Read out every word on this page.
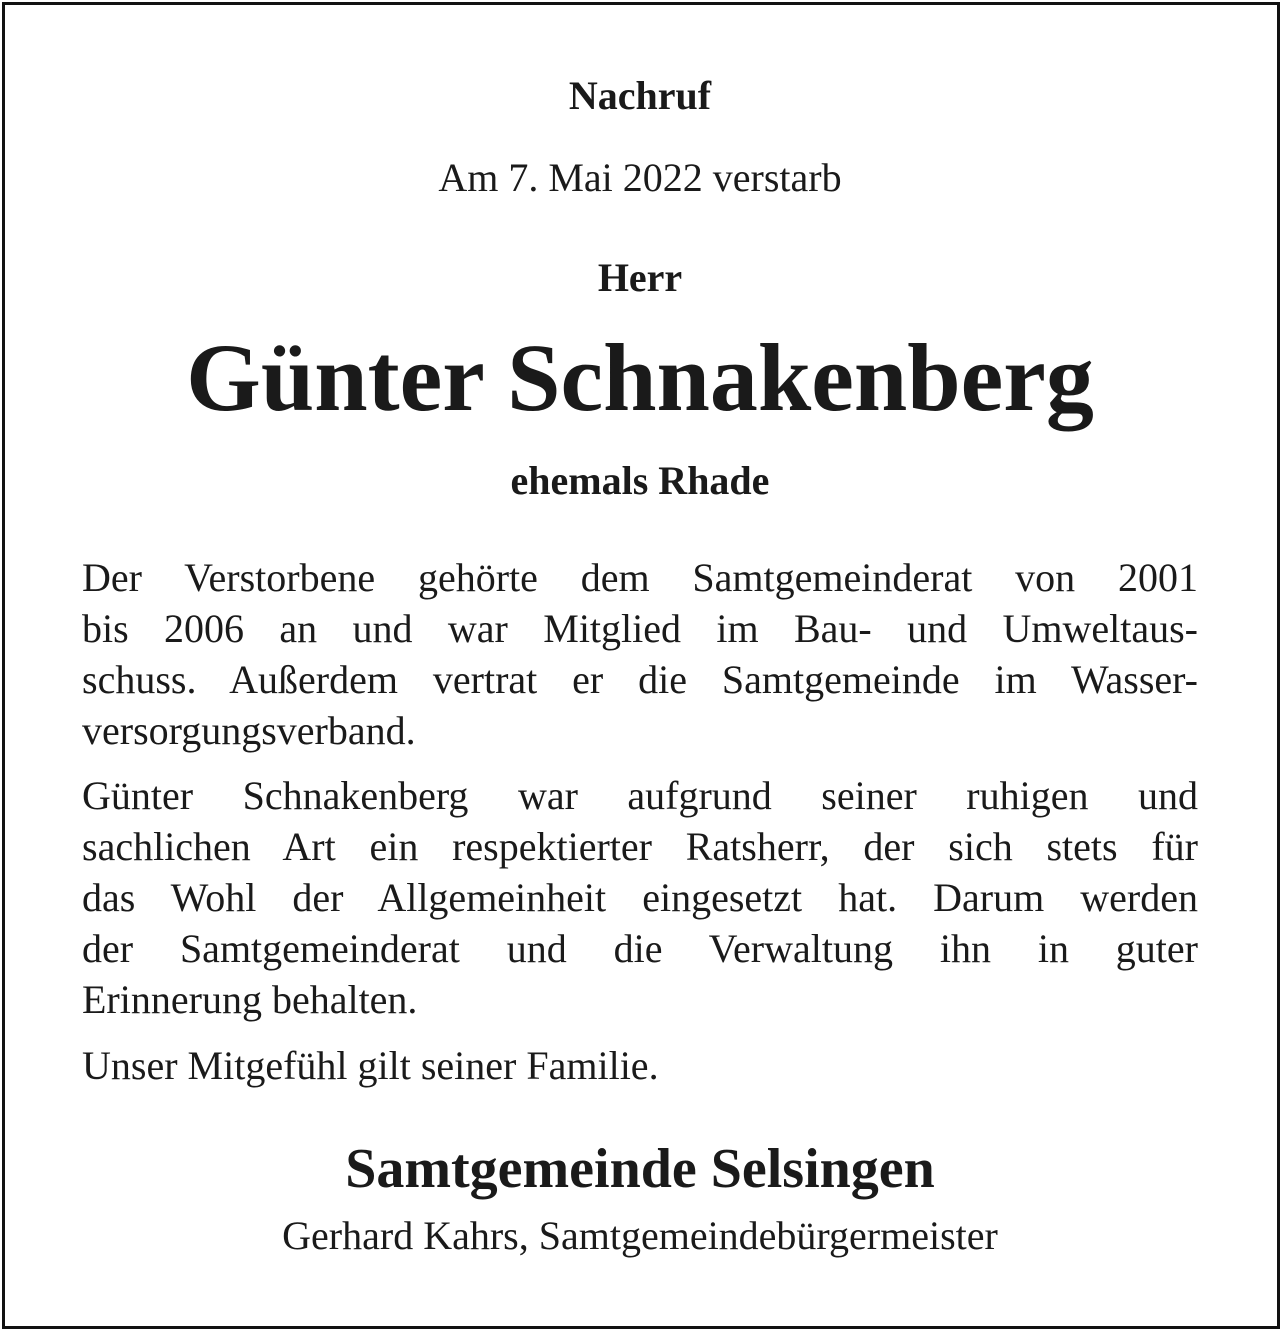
Nachruf
Am 7. Mai 2022 verstarb
Herr
Günter Schnakenberg
ehemals Rhade
Der Verstorbene gehörte dem Samtgemeinderat von 2001
bis 2006 an und war Mitglied im Bau- und Umweltaus-
schuss. Außerdem vertrat er die Samtgemeinde im Wasser-
versorgungsverband.
Günter Schnakenberg war aufgrund seiner ruhigen und
sachlichen Art ein respektierter Ratsherr, der sich stets für
das Wohl der Allgemeinheit eingesetzt hat. Darum werden
der Samtgemeinderat und die Verwaltung ihn in guter
Erinnerung behalten.
Unser Mitgefühl gilt seiner Familie.
Samtgemeinde Selsingen
Gerhard Kahrs, Samtgemeindebürgermeister
